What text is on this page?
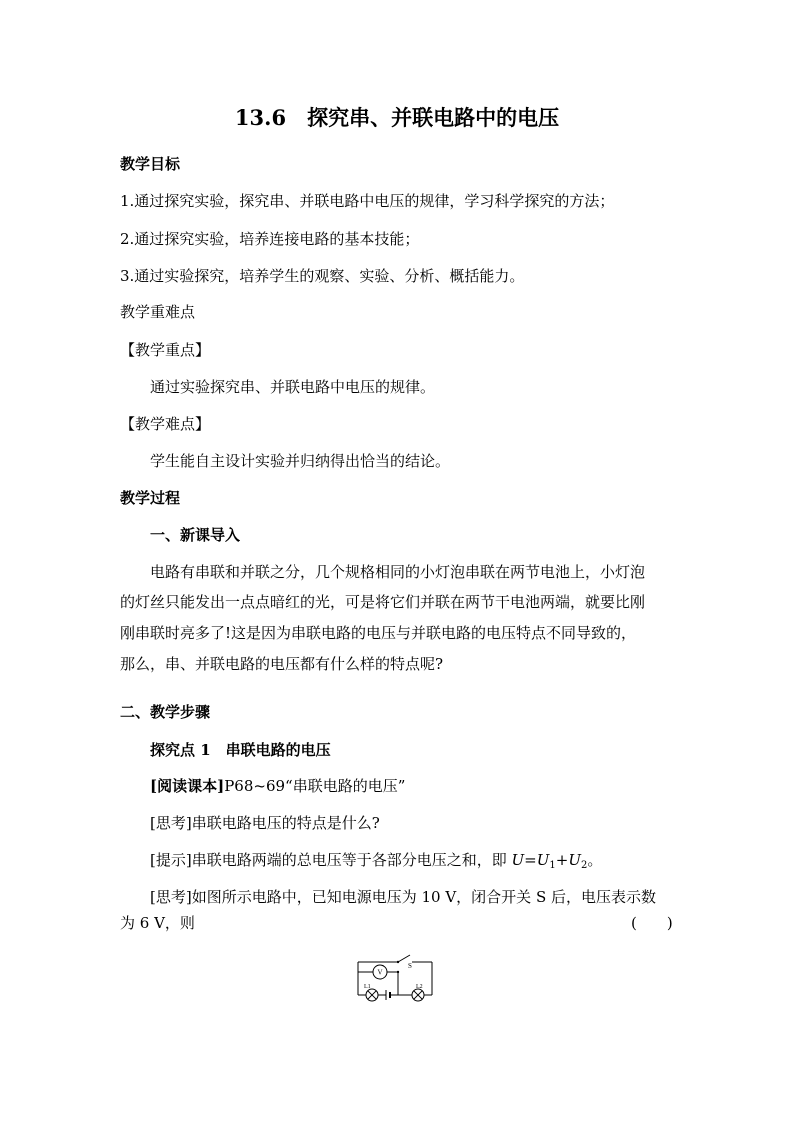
13.6　探究串、并联电路中的电压
教学目标
1.通过探究实验，探究串、并联电路中电压的规律，学习科学探究的方法；
2.通过探究实验，培养连接电路的基本技能；
3.通过实验探究，培养学生的观察、实验、分析、概括能力。
教学重难点
【教学重点】
通过实验探究串、并联电路中电压的规律。
【教学难点】
学生能自主设计实验并归纳得出恰当的结论。
教学过程
一、新课导入
电路有串联和并联之分，几个规格相同的小灯泡串联在两节电池上，小灯泡
的灯丝只能发出一点点暗红的光，可是将它们并联在两节干电池两端，就要比刚
刚串联时亮多了!这是因为串联电路的电压与并联电路的电压特点不同导致的，
那么，串、并联电路的电压都有什么样的特点呢?
二、教学步骤
探究点 1　串联电路的电压
[阅读课本]P68~69“串联电路的电压”
[思考]串联电路电压的特点是什么?
[提示]串联电路两端的总电压等于各部分电压之和，即 $U=U_1+U_2$。
[思考]如图所示电路中，已知电源电压为 10 V，闭合开关 S 后，电压表示数
为 6 V，则	(　　)
V
S
L1	L2
